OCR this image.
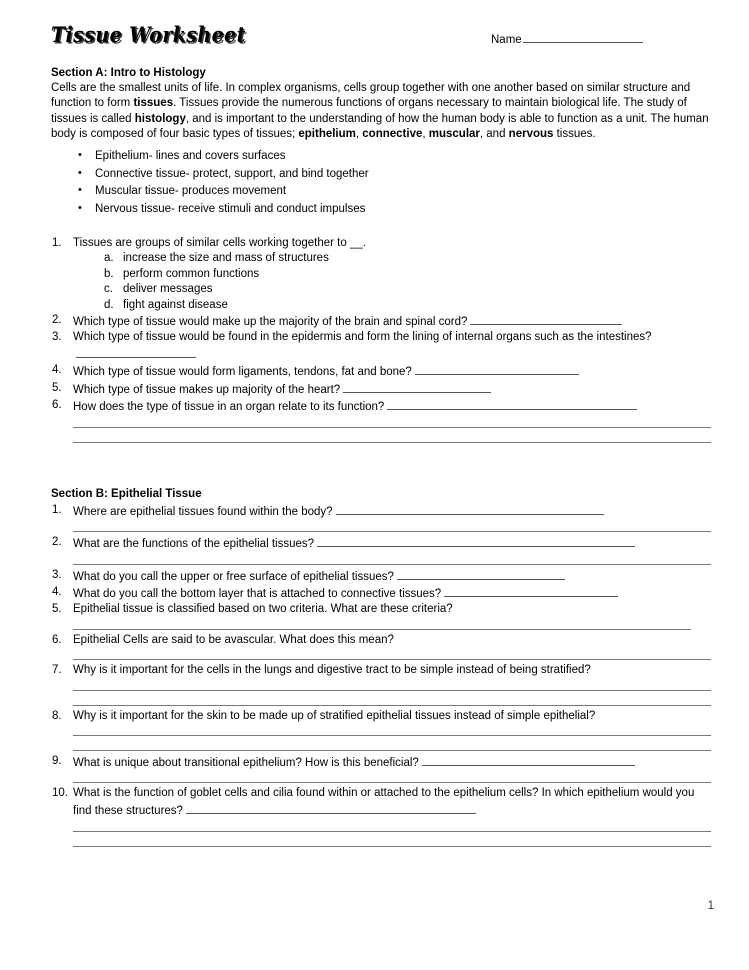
Tissue Worksheet	Name
Section A: Intro to Histology

Cells are the smallest units of life. In complex organisms, cells group together with one another based on similar structure and function to form tissues. Tissues provide the numerous functions of organs necessary to maintain biological life. The study of tissues is called histology, and is important to the understanding of how the human body is able to function as a unit. The human body is composed of four basic types of tissues; epithelium, connective, muscular, and nervous tissues.

• Epithelium- lines and covers surfaces
• Connective tissue- protect, support, and bind together
• Muscular tissue- produces movement
• Nervous tissue- receive stimuli and conduct impulses
1. Tissues are groups of similar cells working together to __.
a. increase the size and mass of structures
b. perform common functions
c. deliver messages
d. fight against disease
2. Which type of tissue would make up the majority of the brain and spinal cord?
3. Which type of tissue would be found in the epidermis and form the lining of internal organs such as the intestines?
4. Which type of tissue would form ligaments, tendons, fat and bone?
5. Which type of tissue makes up majority of the heart?
6. How does the type of tissue in an organ relate to its function?
Section B: Epithelial Tissue
1. Where are epithelial tissues found within the body?
2. What are the functions of the epithelial tissues?
3. What do you call the upper or free surface of epithelial tissues?
4. What do you call the bottom layer that is attached to connective tissues?
5. Epithelial tissue is classified based on two criteria. What are these criteria?
6. Epithelial Cells are said to be avascular. What does this mean?
7. Why is it important for the cells in the lungs and digestive tract to be simple instead of being stratified?
8. Why is it important for the skin to be made up of stratified epithelial tissues instead of simple epithelial?
9. What is unique about transitional epithelium? How is this beneficial?
10. What is the function of goblet cells and cilia found within or attached to the epithelium cells? In which epithelium would you find these structures?
1
